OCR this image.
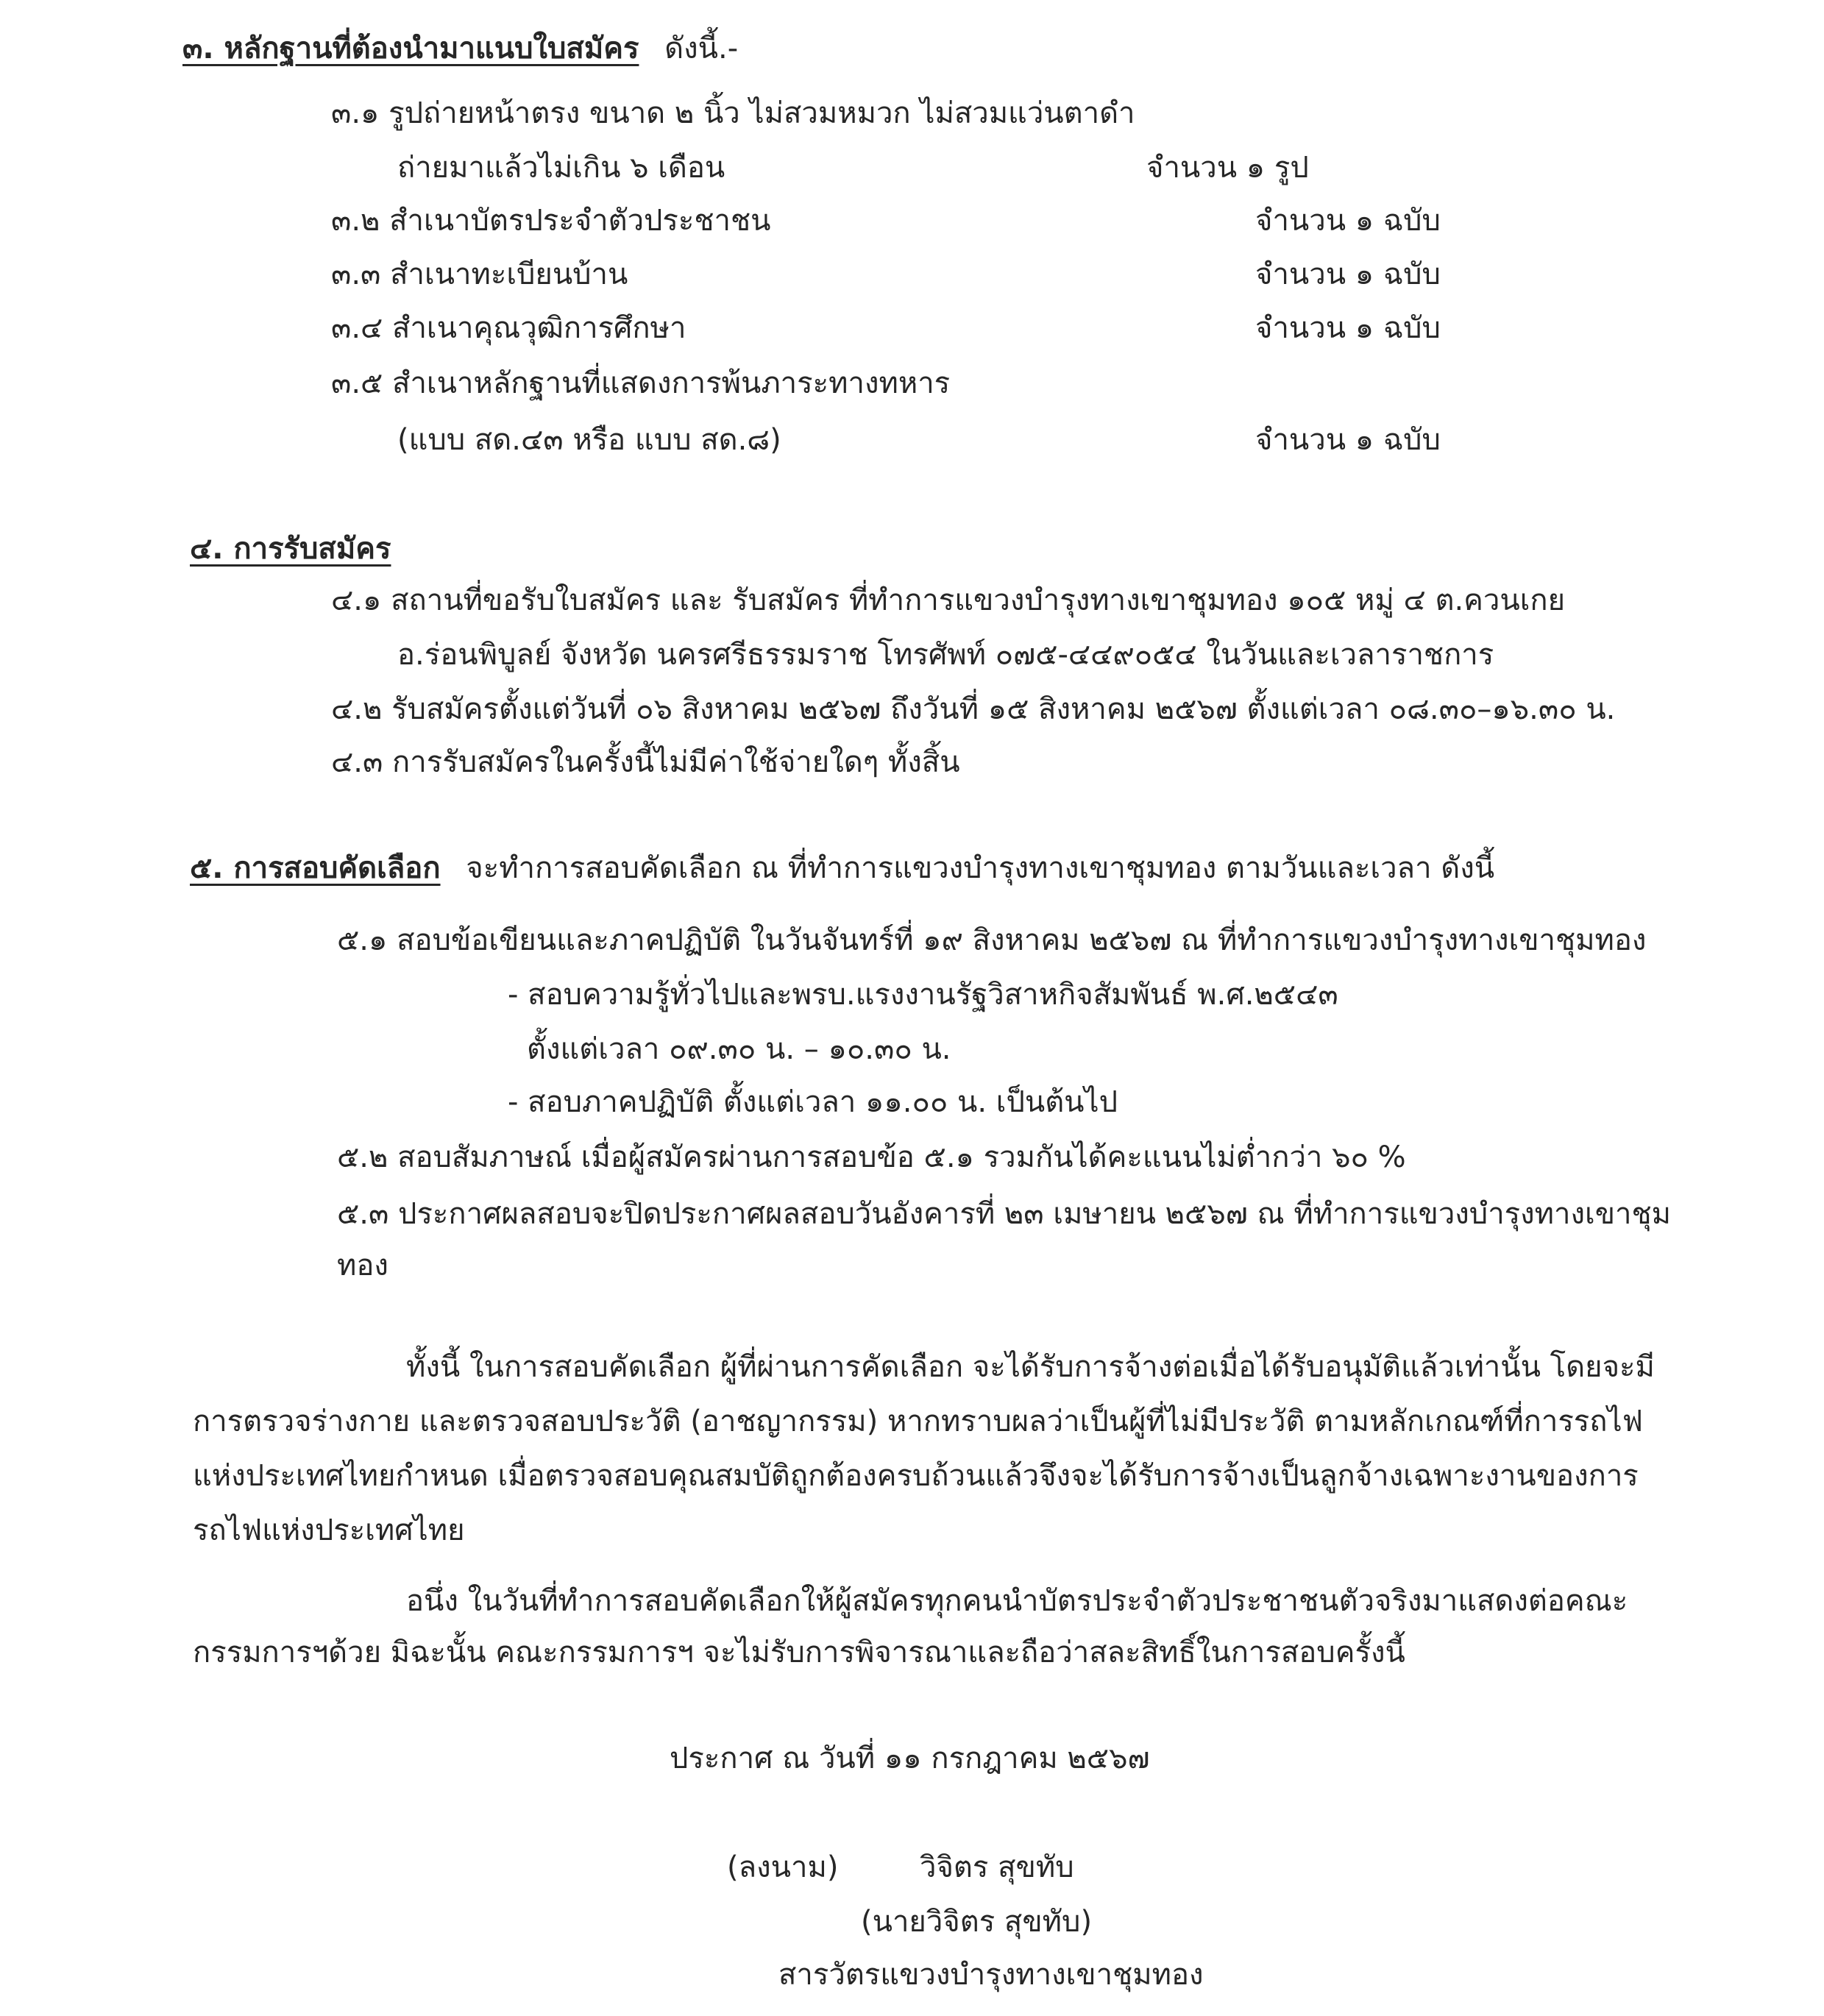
๓. หลักฐานที่ต้องนำมาแนบใบสมัคร ดังนี้.-
๓.๑ รูปถ่ายหน้าตรง ขนาด ๒ นิ้ว ไม่สวมหมวก ไม่สวมแว่นตาดำ
ถ่ายมาแล้วไม่เกิน ๖ เดือน	จำนวน ๑ รูป
๓.๒ สำเนาบัตรประจำตัวประชาชน	จำนวน ๑ ฉบับ
๓.๓ สำเนาทะเบียนบ้าน	จำนวน ๑ ฉบับ
๓.๔ สำเนาคุณวุฒิการศึกษา	จำนวน ๑ ฉบับ
๓.๕ สำเนาหลักฐานที่แสดงการพ้นภาระทางทหาร
(แบบ สด.๔๓ หรือ แบบ สด.๘)	จำนวน ๑ ฉบับ
๔. การรับสมัคร
๔.๑ สถานที่ขอรับใบสมัคร และ รับสมัคร ที่ทำการแขวงบำรุงทางเขาชุมทอง ๑๐๕ หมู่ ๔ ต.ควนเกย
อ.ร่อนพิบูลย์ จังหวัด นครศรีธรรมราช โทรศัพท์ ๐๗๕-๔๔๙๐๕๔ ในวันและเวลาราชการ
๔.๒ รับสมัครตั้งแต่วันที่ ๐๖ สิงหาคม ๒๕๖๗ ถึงวันที่ ๑๕ สิงหาคม ๒๕๖๗ ตั้งแต่เวลา ๐๘.๓๐–๑๖.๓๐ น.
๔.๓ การรับสมัครในครั้งนี้ไม่มีค่าใช้จ่ายใดๆ ทั้งสิ้น
๕. การสอบคัดเลือก จะทำการสอบคัดเลือก ณ ที่ทำการแขวงบำรุงทางเขาชุมทอง ตามวันและเวลา ดังนี้
๕.๑ สอบข้อเขียนและภาคปฏิบัติ ในวันจันทร์ที่ ๑๙ สิงหาคม ๒๕๖๗ ณ ที่ทำการแขวงบำรุงทางเขาชุมทอง
- สอบความรู้ทั่วไปและพรบ.แรงงานรัฐวิสาหกิจสัมพันธ์ พ.ศ.๒๕๔๓
ตั้งแต่เวลา ๐๙.๓๐ น. – ๑๐.๓๐ น.
- สอบภาคปฏิบัติ ตั้งแต่เวลา ๑๑.๐๐ น. เป็นต้นไป
๕.๒ สอบสัมภาษณ์ เมื่อผู้สมัครผ่านการสอบข้อ ๕.๑ รวมกันได้คะแนนไม่ต่ำกว่า ๖๐ %
๕.๓ ประกาศผลสอบจะปิดประกาศผลสอบวันอังคารที่ ๒๓ เมษายน ๒๕๖๗ ณ ที่ทำการแขวงบำรุงทางเขาชุม
ทอง
ทั้งนี้ ในการสอบคัดเลือก ผู้ที่ผ่านการคัดเลือก จะได้รับการจ้างต่อเมื่อได้รับอนุมัติแล้วเท่านั้น โดยจะมี
การตรวจร่างกาย และตรวจสอบประวัติ (อาชญากรรม) หากทราบผลว่าเป็นผู้ที่ไม่มีประวัติ ตามหลักเกณฑ์ที่การรถไฟ
แห่งประเทศไทยกำหนด เมื่อตรวจสอบคุณสมบัติถูกต้องครบถ้วนแล้วจึงจะได้รับการจ้างเป็นลูกจ้างเฉพาะงานของการ
รถไฟแห่งประเทศไทย
อนึ่ง ในวันที่ทำการสอบคัดเลือกให้ผู้สมัครทุกคนนำบัตรประจำตัวประชาชนตัวจริงมาแสดงต่อคณะ
กรรมการฯด้วย มิฉะนั้น คณะกรรมการฯ จะไม่รับการพิจารณาและถือว่าสละสิทธิ์ในการสอบครั้งนี้
ประกาศ ณ วันที่ ๑๑ กรกฎาคม ๒๕๖๗
(ลงนาม)	วิจิตร สุขทับ
(นายวิจิตร สุขทับ)
สารวัตรแขวงบำรุงทางเขาชุมทอง
